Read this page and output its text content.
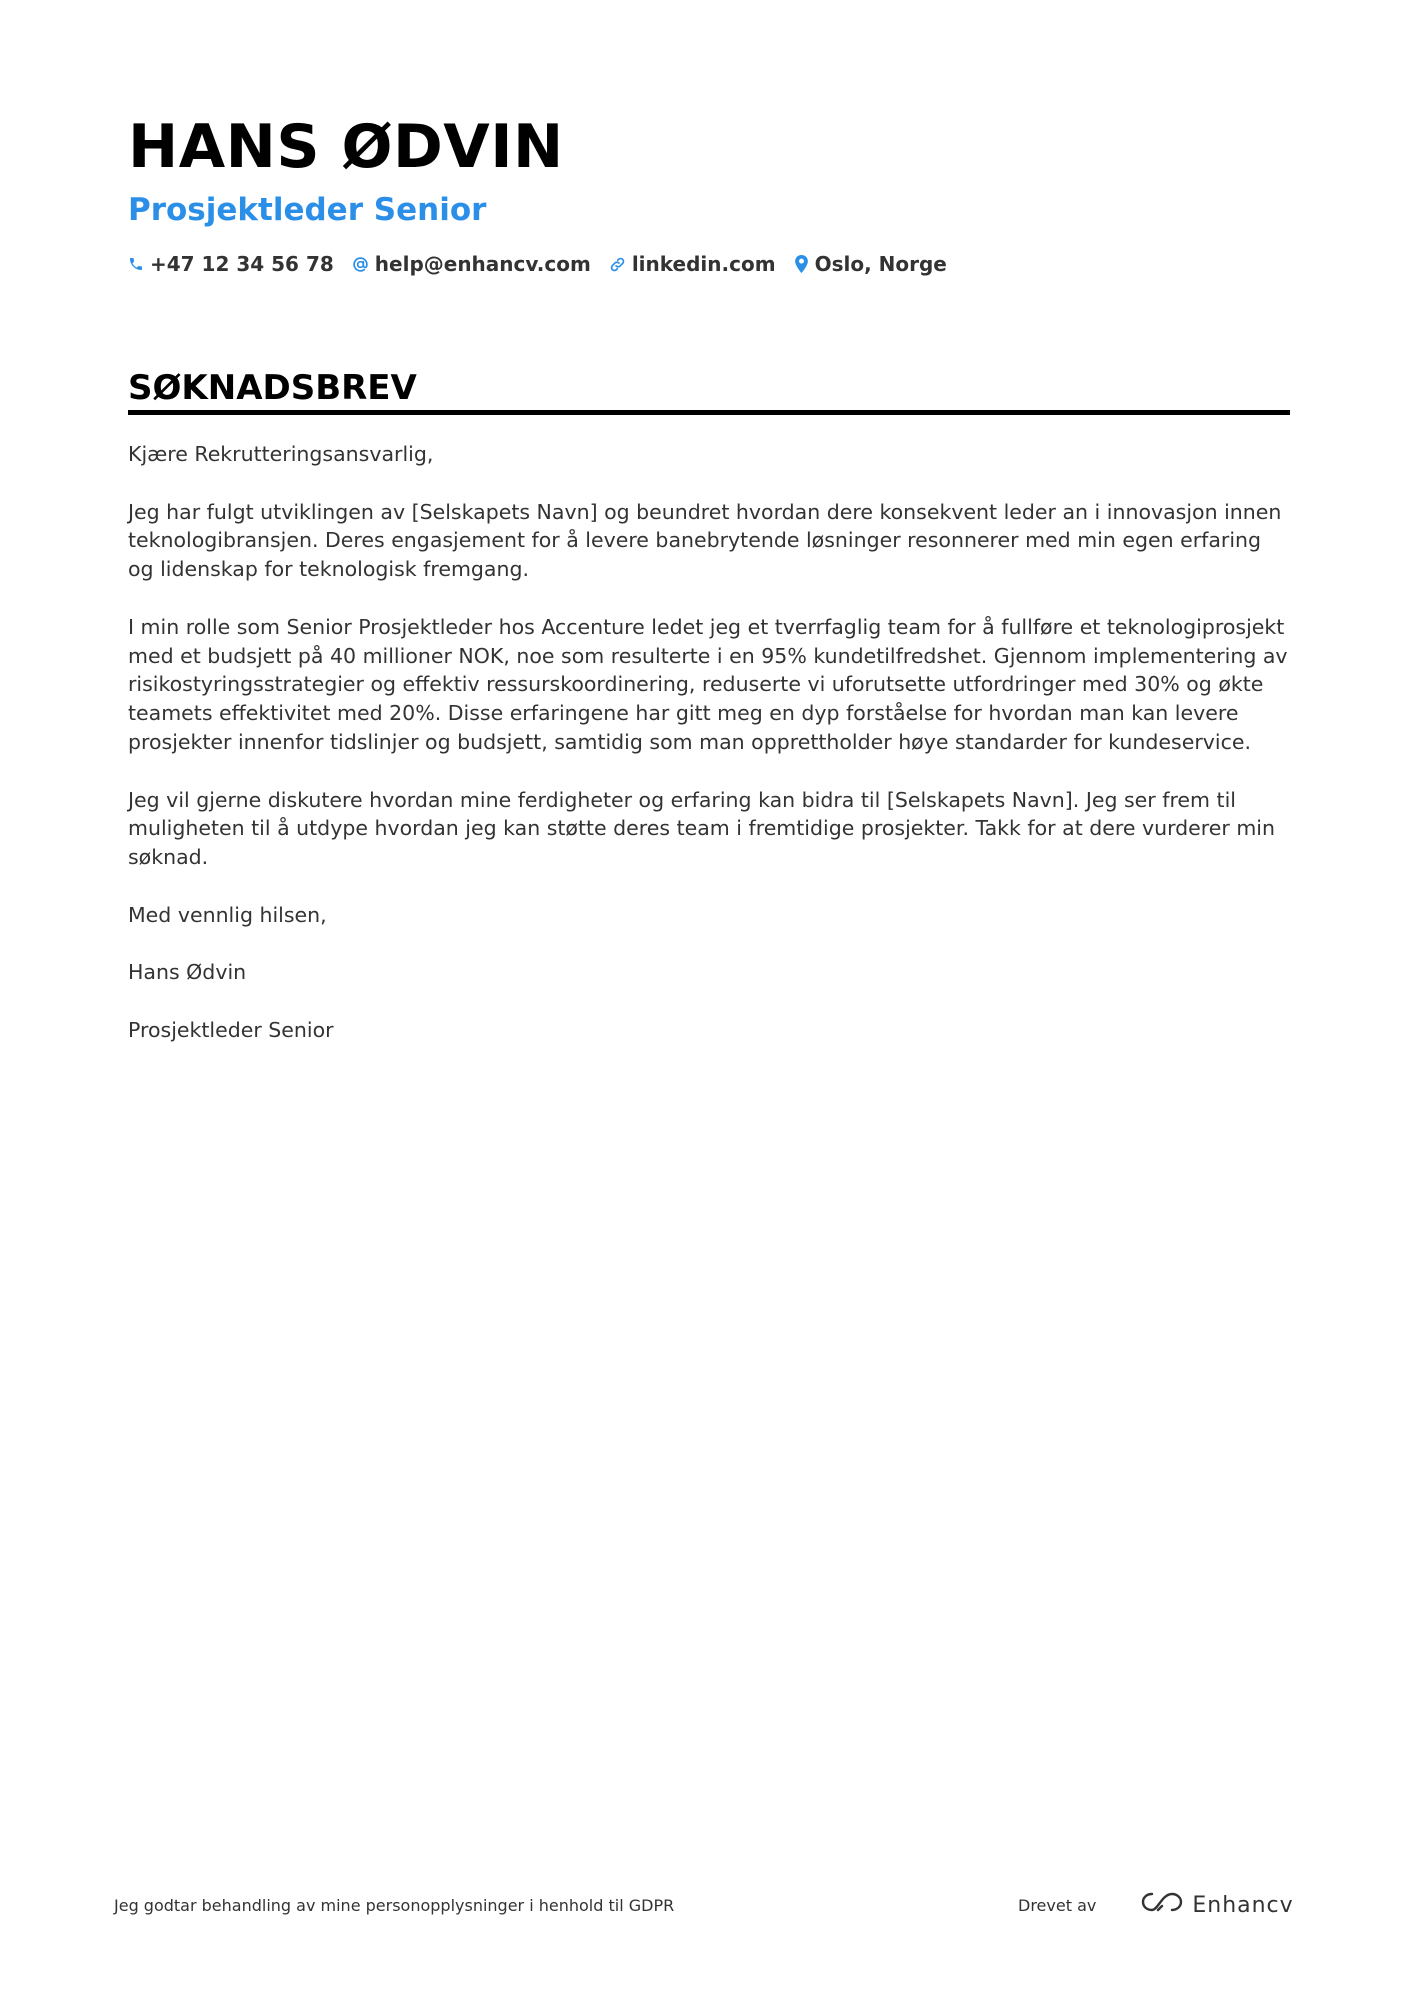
HANS ØDVIN
Prosjektleder Senior
+47 12 34 56 78 help@enhancv.com linkedin.com Oslo, Norge
SØKNADSBREV

Kjære Rekrutteringsansvarlig,

Jeg har fulgt utviklingen av [Selskapets Navn] og beundret hvordan dere konsekvent leder an i innovasjon innen teknologibransjen. Deres engasjement for å levere banebrytende løsninger resonnerer med min egen erfaring og lidenskap for teknologisk fremgang.

I min rolle som Senior Prosjektleder hos Accenture ledet jeg et tverrfaglig team for å fullføre et teknologiprosjekt med et budsjett på 40 millioner NOK, noe som resulterte i en 95% kundetilfredshet. Gjennom implementering av risikostyringsstrategier og effektiv ressurskoordinering, reduserte vi uforutsette utfordringer med 30% og økte teamets effektivitet med 20%. Disse erfaringene har gitt meg en dyp forståelse for hvordan man kan levere prosjekter innenfor tidslinjer og budsjett, samtidig som man opprettholder høye standarder for kundeservice.

Jeg vil gjerne diskutere hvordan mine ferdigheter og erfaring kan bidra til [Selskapets Navn]. Jeg ser frem til muligheten til å utdype hvordan jeg kan støtte deres team i fremtidige prosjekter. Takk for at dere vurderer min søknad.

Med vennlig hilsen,

Hans Ødvin

Prosjektleder Senior

Jeg godtar behandling av mine personopplysninger i henhold til GDPR	Drevet av	Enhancv
